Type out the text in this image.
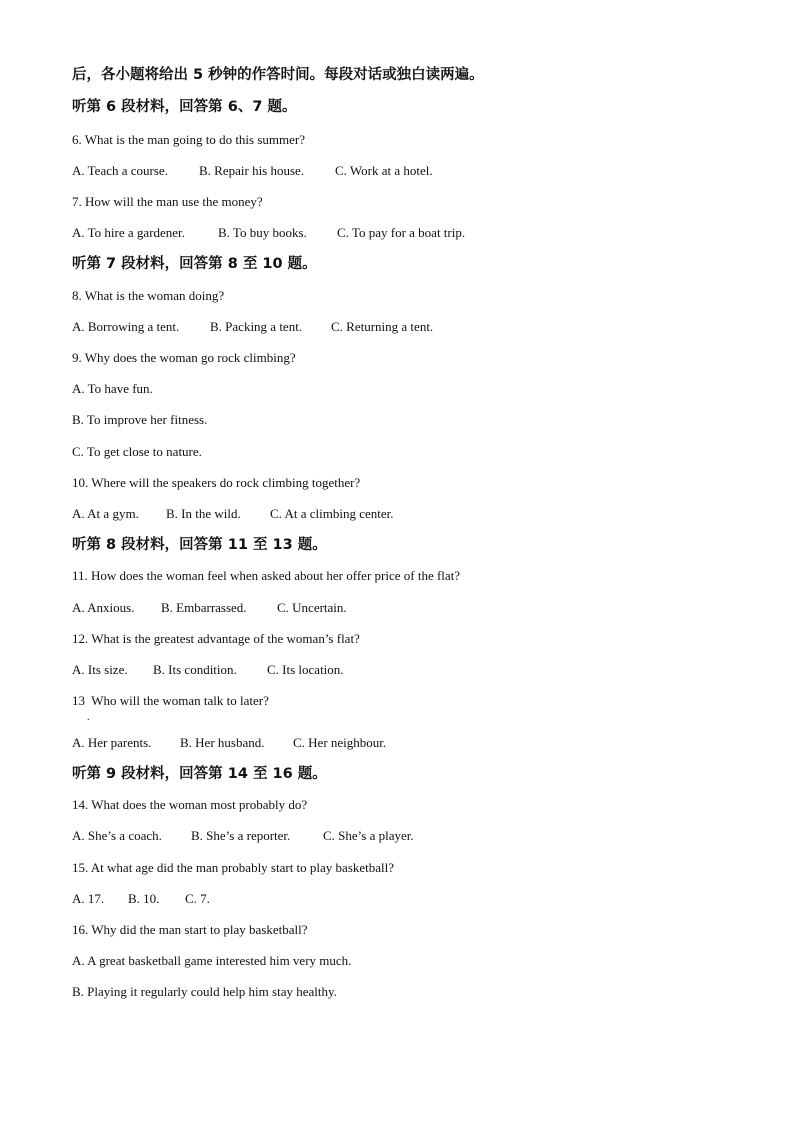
后，各小题将给出 5 秒钟的作答时间。每段对话或独白读两遍。
听第 6 段材料，回答第 6、7 题。
6. What is the man going to do this summer?
A. Teach a course. B. Repair his house. C. Work at a hotel.
7. How will the man use the money?
A. To hire a gardener.	B. To buy books. C. To pay for a boat trip.
听第 7 段材料，回答第 8 至 10 题。
8. What is the woman doing?
A. Borrowing a tent. B. Packing a tent. C. Returning a tent.
9. Why does the woman go rock climbing?
A. To have fun.
B. To improve her fitness.
C. To get close to nature.
10. Where will the speakers do rock climbing together?
A. At a gym. B. In the wild. C. At a climbing center.
听第 8 段材料，回答第 11 至 13 题。
11. How does the woman feel when asked about her offer price of the flat?
A. Anxious. B. Embarrassed. C. Uncertain.
12. What is the greatest advantage of the woman’s flat?
A. Its size. B. Its condition. C. Its location.
13  Who will the woman talk to later?
.
A. Her parents. B. Her husband. C. Her neighbour.
听第 9 段材料，回答第 14 至 16 题。
14. What does the woman most probably do?
A. She’s a coach. B. She’s a reporter.	C. She’s a player.
15. At what age did the man probably start to play basketball?
A. 17. B. 10. C. 7.
16. Why did the man start to play basketball?
A. A great basketball game interested him very much.
B. Playing it regularly could help him stay healthy.
